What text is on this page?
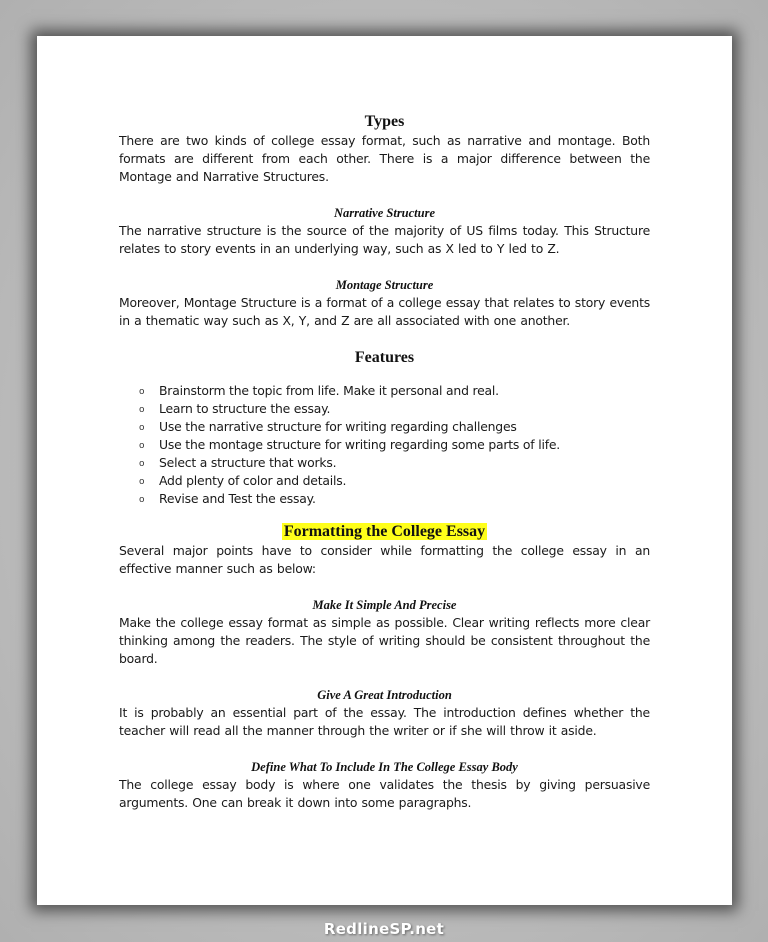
Types

There are two kinds of college essay format, such as narrative and montage. Both formats are different from each other. There is a major difference between the Montage and Narrative Structures.

Narrative Structure

The narrative structure is the source of the majority of US films today. This Structure relates to story events in an underlying way, such as X led to Y led to Z.

Montage Structure

Moreover, Montage Structure is a format of a college essay that relates to story events in a thematic way such as X, Y, and Z are all associated with one another.

Features
o Brainstorm the topic from life. Make it personal and real.
o Learn to structure the essay.
o Use the narrative structure for writing regarding challenges
o Use the montage structure for writing regarding some parts of life.
o Select a structure that works.
o Add plenty of color and details.
o Revise and Test the essay.
Formatting the College Essay

Several major points have to consider while formatting the college essay in an effective manner such as below:

Make It Simple And Precise

Make the college essay format as simple as possible. Clear writing reflects more clear thinking among the readers. The style of writing should be consistent throughout the board.

Give A Great Introduction

It is probably an essential part of the essay. The introduction defines whether the teacher will read all the manner through the writer or if she will throw it aside.

Define What To Include In The College Essay Body

The college essay body is where one validates the thesis by giving persuasive arguments. One can break it down into some paragraphs.

RedlineSP.net
